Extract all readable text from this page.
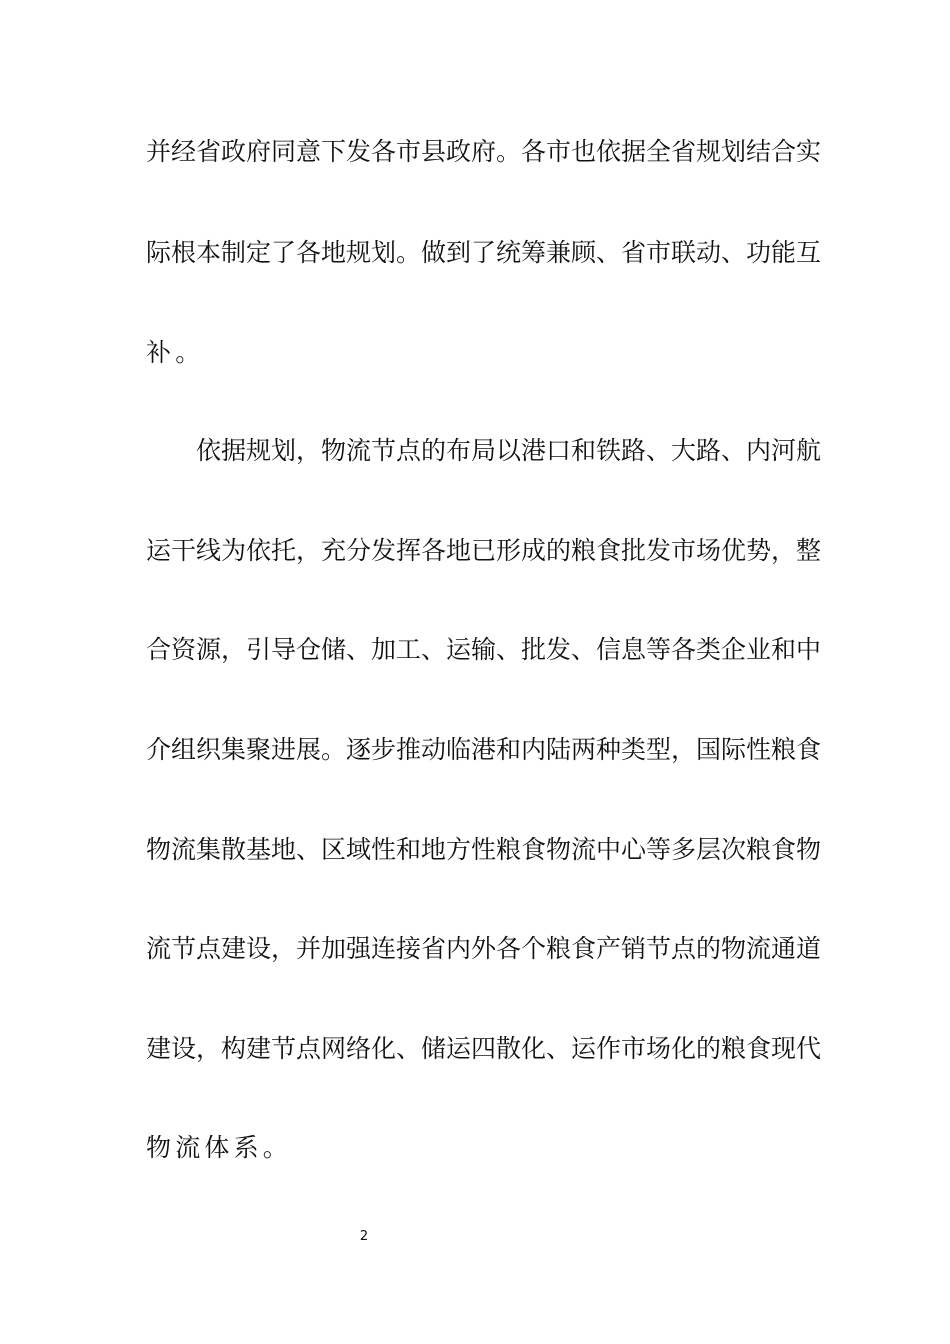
并经省政府同意下发各市县政府。各市也依据全省规划结合实
际根本制定了各地规划。做到了统筹兼顾、省市联动、功能互
补。
依据规划，物流节点的布局以港口和铁路、大路、内河航
运干线为依托，充分发挥各地已形成的粮食批发市场优势，整
合资源，引导仓储、加工、运输、批发、信息等各类企业和中
介组织集聚进展。逐步推动临港和内陆两种类型，国际性粮食
物流集散基地、区域性和地方性粮食物流中心等多层次粮食物
流节点建设，并加强连接省内外各个粮食产销节点的物流通道
建设，构建节点网络化、储运四散化、运作市场化的粮食现代
物流体系。
2
